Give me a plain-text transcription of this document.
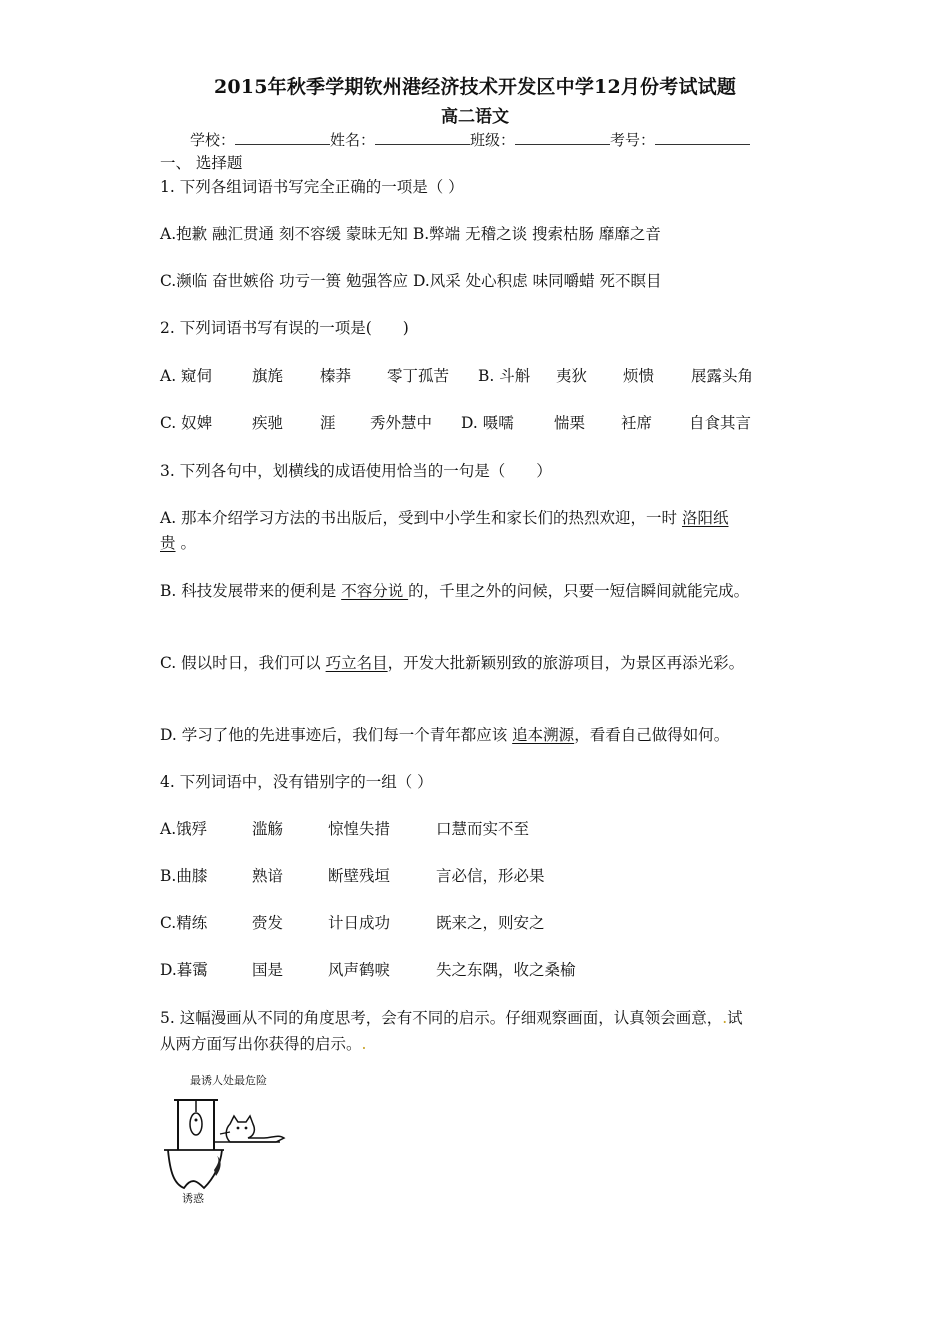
2015年秋季学期钦州港经济技术开发区中学12月份考试试题
高二语文
学校：	姓名：	班级：	考号：
一、 选择题
1. 下列各组词语书写完全正确的一项是（ ）
A.抱歉 融汇贯通 刻不容缓 蒙昧无知 B.弊端 无稽之谈 搜索枯肠 靡靡之音
C.濒临 奋世嫉俗 功亏一篑 勉强答应 D.风采 处心积虑 味同嚼蜡 死不瞑目
2. 下列词语书写有误的一项是(　　)
A. 窥伺	旗旄 榛莽 零丁孤苦 B. 斗斛 夷狄 烦愦 展露头角
C. 奴婢	疾驰 涯 秀外慧中 D. 嗫嚅	惴栗 衽席 自食其言
3. 下列各句中，划横线的成语使用恰当的一句是（　　）
A. 那本介绍学习方法的书出版后，受到中小学生和家长们的热烈欢迎，一时 洛阳纸
贵 。
B. 科技发展带来的便利是 不容分说 的，千里之外的问候，只要一短信瞬间就能完成。
C. 假以时日，我们可以 巧立名目，开发大批新颖别致的旅游项目，为景区再添光彩。
D. 学习了他的先进事迹后，我们每一个青年都应该 追本溯源，看看自己做得如何。
4. 下列词语中，没有错别字的一组（ ）
A.饿殍	滥觞	惊惶失措	口慧而实不至
B.曲膝	熟谙	断壁残垣	言必信，形必果
C.精练	赍发	计日成功	既来之，则安之
D.暮霭	国是	风声鹤唳	失之东隅，收之桑榆
5. 这幅漫画从不同的角度思考，会有不同的启示。仔细观察画面，认真领会画意，.试
从两方面写出你获得的启示。.
最诱人处最危险
诱惑
